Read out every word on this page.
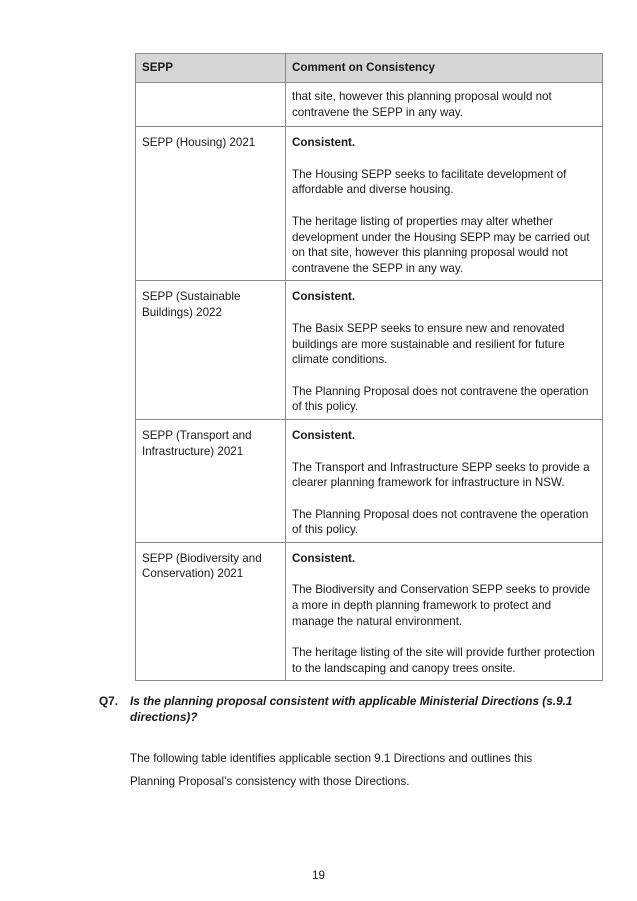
SEPP	Comment on Consistency

	that site, however this planning proposal would not contravene the SEPP in any way.

SEPP (Housing) 2021	Consistent.

The Housing SEPP seeks to facilitate development of affordable and diverse housing.

The heritage listing of properties may alter whether development under the Housing SEPP may be carried out on that site, however this planning proposal would not contravene the SEPP in any way.

SEPP (Sustainable Buildings) 2022	Consistent.

The Basix SEPP seeks to ensure new and renovated buildings are more sustainable and resilient for future climate conditions.

The Planning Proposal does not contravene the operation of this policy.

SEPP (Transport and Infrastructure) 2021	Consistent.

The Transport and Infrastructure SEPP seeks to provide a clearer planning framework for infrastructure in NSW.

The Planning Proposal does not contravene the operation of this policy.

SEPP (Biodiversity and Conservation) 2021	Consistent.

The Biodiversity and Conservation SEPP seeks to provide a more in depth planning framework to protect and manage the natural environment.

The heritage listing of the site will provide further protection to the landscaping and canopy trees onsite.

Q7. Is the planning proposal consistent with applicable Ministerial Directions (s.9.1 directions)?
The following table identifies applicable section 9.1 Directions and outlines this
Planning Proposal’s consistency with those Directions.
19
